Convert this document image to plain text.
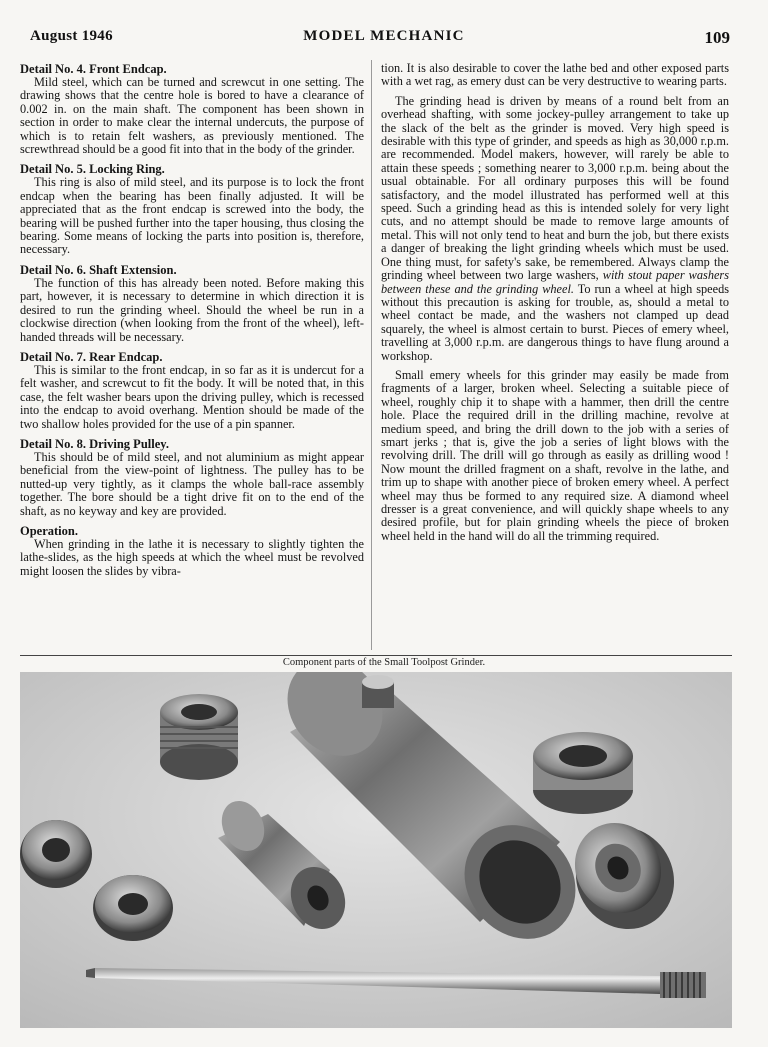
August 1946	MODEL MECHANIC	109
Detail No. 4. Front Endcap.

Mild steel, which can be turned and screwcut in one setting. The drawing shows that the centre hole is bored to have a clearance of 0.002 in. on the main shaft. The component has been shown in section in order to make clear the internal undercuts, the purpose of which is to retain felt washers, as previously mentioned. The screwthread should be a good fit into that in the body of the grinder.

Detail No. 5. Locking Ring.

This ring is also of mild steel, and its purpose is to lock the front endcap when the bearing has been finally adjusted. It will be appreciated that as the front endcap is screwed into the body, the bearing will be pushed further into the taper housing, thus closing the bearing. Some means of locking the parts into position is, therefore, necessary.

Detail No. 6. Shaft Extension.

The function of this has already been noted. Before making this part, however, it is necessary to determine in which direction it is desired to run the grinding wheel. Should the wheel be run in a clockwise direction (when looking from the front of the wheel), left-handed threads will be necessary.

Detail No. 7. Rear Endcap.

This is similar to the front endcap, in so far as it is undercut for a felt washer, and screwcut to fit the body. It will be noted that, in this case, the felt washer bears upon the driving pulley, which is recessed into the endcap to avoid overhang. Mention should be made of the two shallow holes provided for the use of a pin spanner.

Detail No. 8. Driving Pulley.

This should be of mild steel, and not aluminium as might appear beneficial from the view-point of lightness. The pulley has to be nutted-up very tightly, as it clamps the whole ball-race assembly together. The bore should be a tight drive fit on to the end of the shaft, as no keyway and key are provided.

Operation.

When grinding in the lathe it is necessary to slightly tighten the lathe-slides, as the high speeds at which the wheel must be revolved might loosen the slides by vibra-

tion. It is also desirable to cover the lathe bed and other exposed parts with a wet rag, as emery dust can be very destructive to wearing parts.

The grinding head is driven by means of a round belt from an overhead shafting, with some jockey-pulley arrangement to take up the slack of the belt as the grinder is moved. Very high speed is desirable with this type of grinder, and speeds as high as 30,000 r.p.m. are recommended. Model makers, however, will rarely be able to attain these speeds ; something nearer to 3,000 r.p.m. being about the usual obtainable. For all ordinary purposes this will be found satisfactory, and the model illustrated has performed well at this speed. Such a grinding head as this is intended solely for very light cuts, and no attempt should be made to remove large amounts of metal. This will not only tend to heat and burn the job, but there exists a danger of breaking the light grinding wheels which must be used. One thing must, for safety's sake, be remembered. Always clamp the grinding wheel between two large washers, with stout paper washers between these and the grinding wheel. To run a wheel at high speeds without this precaution is asking for trouble, as, should a metal to wheel contact be made, and the washers not clamped up dead squarely, the wheel is almost certain to burst. Pieces of emery wheel, travelling at 3,000 r.p.m. are dangerous things to have flung around a workshop.

Small emery wheels for this grinder may easily be made from fragments of a larger, broken wheel. Selecting a suitable piece of wheel, roughly chip it to shape with a hammer, then drill the centre hole. Place the required drill in the drilling machine, revolve at medium speed, and bring the drill down to the job with a series of smart jerks ; that is, give the job a series of light blows with the revolving drill. The drill will go through as easily as drilling wood ! Now mount the drilled fragment on a shaft, revolve in the lathe, and trim up to shape with another piece of broken emery wheel. A perfect wheel may thus be formed to any required size. A diamond wheel dresser is a great convenience, and will quickly shape wheels to any desired profile, but for plain grinding wheels the piece of broken wheel held in the hand will do all the trimming required.

Component parts of the Small Toolpost Grinder.
